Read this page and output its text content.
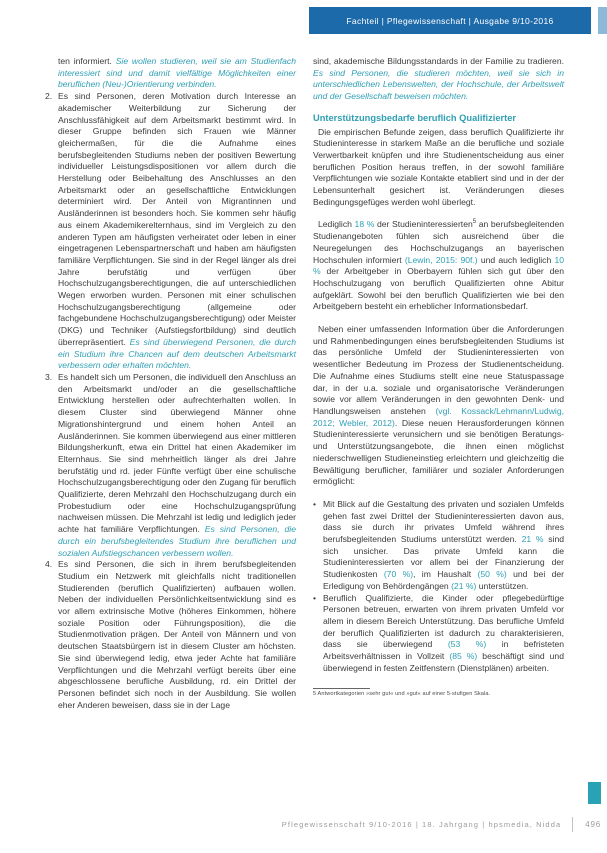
Fachteil | Pflegewissenschaft | Ausgabe 9/10-2016
ten informiert. Sie wollen studieren, weil sie am Studienfach interessiert sind und damit vielfältige Möglichkeiten einer beruflichen (Neu-)Orientierung verbinden.
2. Es sind Personen, deren Motivation durch Interesse an akademischer Weiterbildung zur Sicherung der Anschlussfähigkeit auf dem Arbeitsmarkt bestimmt wird. In dieser Gruppe befinden sich Frauen wie Männer gleichermaßen, für die die Aufnahme eines berufsbegleitenden Studiums neben der positiven Bewertung individueller Leistungsdispositionen vor allem durch die Herstellung oder Beibehaltung des Anschlusses an den Arbeitsmarkt oder an gesellschaftliche Entwicklungen determiniert wird. Der Anteil von Migrantinnen und Ausländerinnen ist besonders hoch. Sie kommen sehr häufig aus einem Akademikerelternhaus, sind im Vergleich zu den anderen Typen am häufigsten verheiratet oder leben in einer eingetragenen Lebenspartnerschaft und haben am häufigsten familiäre Verpflichtungen. Sie sind in der Regel länger als drei Jahre berufstätig und verfügen über Hochschulzugangsberechtigungen, die auf unterschiedlichen Wegen erworben wurden. Personen mit einer schulischen Hochschulzugangsberechtigung (allgemeine oder fachgebundene Hochschulzugangsberechtigung) oder Meister (DKG) und Techniker (Aufstiegsfortbildung) sind deutlich überrepräsentiert. Es sind überwiegend Personen, die durch ein Studium ihre Chancen auf dem deutschen Arbeitsmarkt verbessern oder erhalten möchten.
3. Es handelt sich um Personen, die individuell den Anschluss an den Arbeitsmarkt und/oder an die gesellschaftliche Entwicklung herstellen oder aufrechterhalten wollen. In diesem Cluster sind überwiegend Männer ohne Migrationshintergrund und einem hohen Anteil an Ausländerinnen. Sie kommen überwiegend aus einer mittleren Bildungsherkunft, etwa ein Drittel hat einen Akademiker im Elternhaus. Sie sind mehrheitlich länger als drei Jahre berufstätig und rd. jeder Fünfte verfügt über eine schulische Hochschulzugangsberechtigung oder den Zugang für beruflich Qualifizierte, deren Mehrzahl den Hochschulzugang durch ein Probestudium oder eine Hochschulzugangsprüfung nachweisen müssen. Die Mehrzahl ist ledig und lediglich jeder achte hat familiäre Verpflichtungen. Es sind Personen, die durch ein berufsbegleitendes Studium ihre beruflichen und sozialen Aufstiegschancen verbessern wollen.
4. Es sind Personen, die sich in ihrem berufsbegleitenden Studium ein Netzwerk mit gleichfalls nicht traditionellen Studierenden (beruflich Qualifizierten) aufbauen wollen. Neben der individuellen Persönlichkeitsentwicklung sind es vor allem extrinsische Motive (höheres Einkommen, höhere soziale Position oder Führungsposition), die die Studienmotivation prägen. Der Anteil von Männern und von deutschen Staatsbürgern ist in diesem Cluster am höchsten. Sie sind überwiegend ledig, etwa jeder Achte hat familiäre Verpflichtungen und die Mehrzahl verfügt bereits über eine abgeschlossene berufliche Ausbildung, rd. ein Drittel der Personen befindet sich noch in der Ausbildung. Sie wollen eher Anderen beweisen, dass sie in der Lage
sind, akademische Bildungsstandards in der Familie zu tradieren. Es sind Personen, die studieren möchten, weil sie sich in unterschiedlichen Lebenswelten, der Hochschule, der Arbeitswelt und der Gesellschaft beweisen möchten.
Unterstützungsbedarfe beruflich Qualifizierter
Die empirischen Befunde zeigen, dass beruflich Qualifizierte ihr Studieninteresse in starkem Maße an die berufliche und soziale Verwertbarkeit knüpfen und ihre Studienentscheidung aus einer beruflichen Position heraus treffen, in der sowohl familiäre Verpflichtungen wie soziale Kontakte etabliert sind und in der der Lebensunterhalt gesichert ist. Veränderungen dieses Bedingungsgefüges werden wohl überlegt.
Lediglich 18 % der Studieninteressierten$^5$ an berufsbegleitenden Studienangeboten fühlen sich ausreichend über die Neuregelungen des Hochschulzugangs an bayerischen Hochschulen informiert (Lewin, 2015: 90f.) und auch lediglich 10 % der Arbeitgeber in Oberbayern fühlen sich gut über den Hochschulzugang von beruflich Qualifizierten ohne Abitur aufgeklärt. Sowohl bei den beruflich Qualifizierten wie bei den Arbeitgebern besteht ein erheblicher Informationsbedarf.
Neben einer umfassenden Information über die Anforderungen und Rahmenbedingungen eines berufsbegleitenden Studiums ist das persönliche Umfeld der Studieninteressierten von wesentlicher Bedeutung im Prozess der Studienentscheidung. Die Aufnahme eines Studiums stellt eine neue Statuspassage dar, in der u.a. soziale und organisatorische Veränderungen sowie vor allem Veränderungen in den gewohnten Denk- und Handlungsweisen anstehen (vgl. Kossack/Lehmann/Ludwig, 2012; Webler, 2012). Diese neuen Herausforderungen können Studieninteressierte verunsichern und sie benötigen Beratungs- und Unterstützungsangebote, die ihnen einen möglichst niederschwelligen Studieneinstieg erleichtern und gleichzeitig die Bewältigung beruflicher, familiärer und sozialer Anforderungen ermöglicht:
• Mit Blick auf die Gestaltung des privaten und sozialen Umfelds gehen fast zwei Drittel der Studieninteressierten davon aus, dass sie durch ihr privates Umfeld während ihres berufsbegleitenden Studiums unterstützt werden. 21 % sind sich unsicher. Das private Umfeld kann die Studieninteressierten vor allem bei der Finanzierung der Studienkosten (70 %), im Haushalt (50 %) und bei der Erledigung von Behördengängen (21 %) unterstützen.
• Beruflich Qualifizierte, die Kinder oder pflegebedürftige Personen betreuen, erwarten von ihrem privaten Umfeld vor allem in diesem Bereich Unterstützung. Das berufliche Umfeld der beruflich Qualifizierten ist dadurch zu charakterisieren, dass sie überwiegend (53 %) in befristeten Arbeitsverhältnissen in Vollzeit (85 %) beschäftigt sind und überwiegend in festen Zeitfenstern (Dienstplänen) arbeiten.
5 Antwortkategorien »sehr gut« und »gut« auf einer 5-stufigen Skala.
Pflegewissenschaft 9/10-2016 | 18. Jahrgang | hpsmedia, Nidda	496
